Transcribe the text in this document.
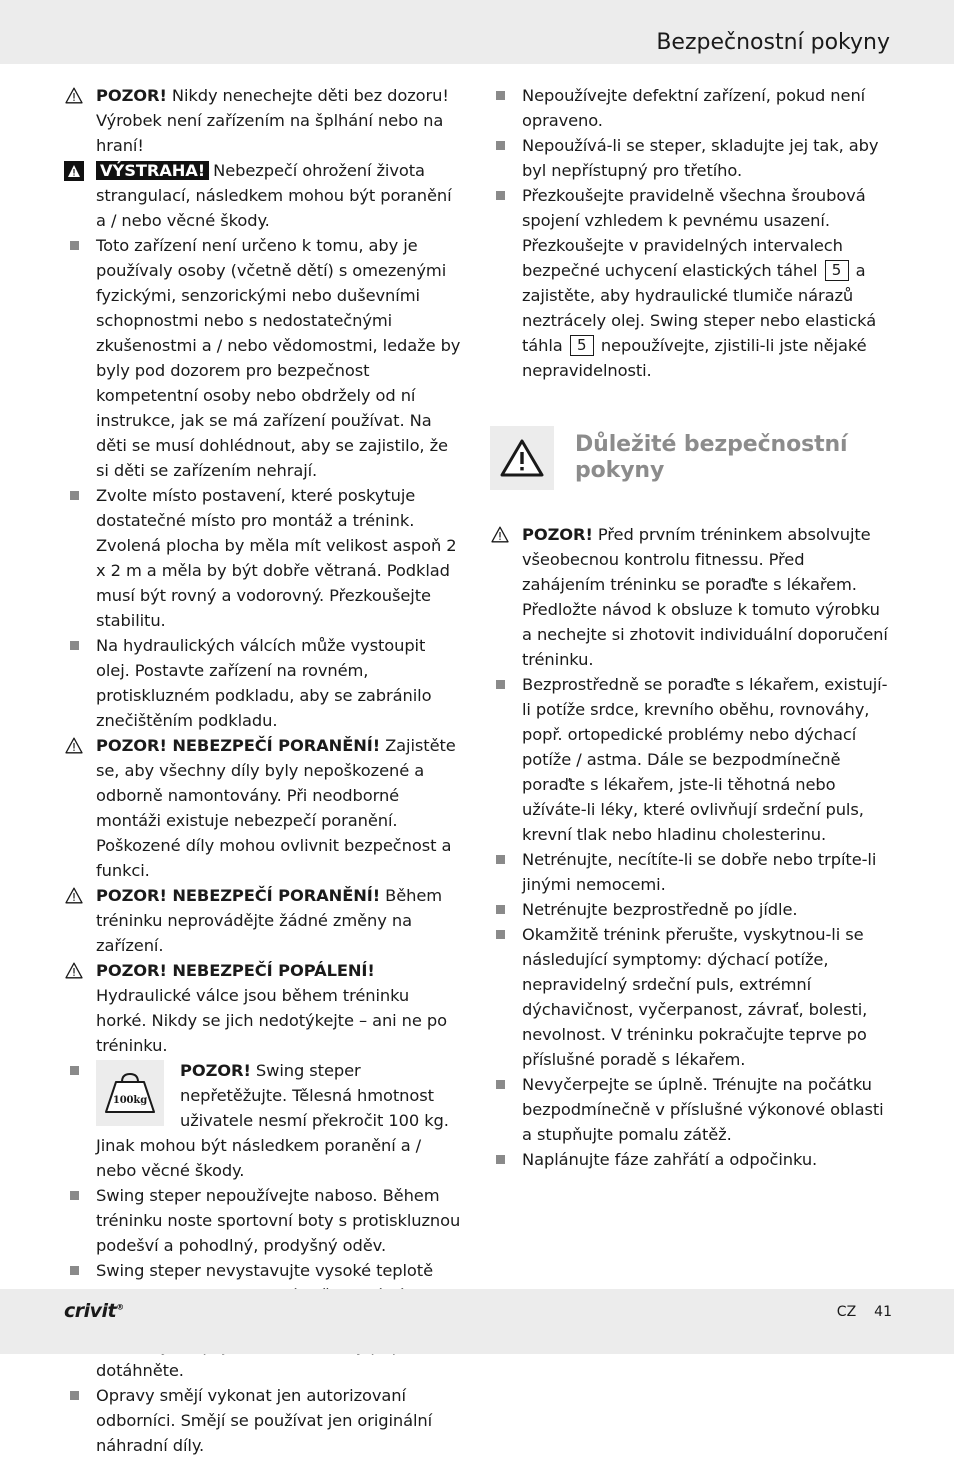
Bezpečnostní pokyny
POZOR! Nikdy nenechejte děti bez dozoru! Výrobek není zařízením na šplhání nebo na hraní!
VÝSTRAHA! Nebezpečí ohrožení života strangulací, následkem mohou být poranění a / nebo věcné škody.
Toto zařízení není určeno k tomu, aby je používaly osoby (včetně dětí) s omezenými fyzickými, senzorickými nebo duševními schopnostmi nebo s nedostatečnými zkušenostmi a / nebo vědomostmi, ledaže by byly pod dozorem pro bezpečnost kompetentní osoby nebo obdržely od ní instrukce, jak se má zařízení používat. Na děti se musí dohlédnout, aby se zajistilo, že si děti se zařízením nehrají.
Zvolte místo postavení, které poskytuje dostatečné místo pro montáž a trénink. Zvolená plocha by měla mít velikost aspoň 2 x 2 m a měla by být dobře větraná. Podklad musí být rovný a vodorovný. Přezkoušejte stabilitu.
Na hydraulických válcích může vystoupit olej. Postavte zařízení na rovném, protiskluzném podkladu, aby se zabránilo znečištěním podkladu.
POZOR! NEBEZPEČÍ PORANĚNÍ! Zajistěte se, aby všechny díly byly nepoškozené a odborně namontovány. Při neodborné montáži existuje nebezpečí poranění. Poškozené díly mohou ovlivnit bezpečnost a funkci.
POZOR! NEBEZPEČÍ PORANĚNÍ! Během tréninku neprovádějte žádné změny na zařízení.
POZOR! NEBEZPEČÍ POPÁLENÍ! Hydraulické válce jsou během tréninku horké. Nikdy se jich nedotýkejte – ani ne po tréninku.
100kg
POZOR! Swing steper nepřetěžujte. Tělesná hmotnost uživatele nesmí překročit 100 kg. Jinak mohou být následkem poranění a / nebo věcné škody.
Swing steper nepoužívejte naboso. Během tréninku noste sportovní boty s protiskluznou podešví a pohodlný, prodyšný oděv.
Swing steper nevystavujte vysoké teplotě
dotáhněte.
Opravy smějí vykonat jen autorizovaní odborníci. Smějí se používat jen originální náhradní díly.
Nepoužívejte defektní zařízení, pokud není opraveno.
Nepoužívá-li se steper, skladujte jej tak, aby byl nepřístupný pro třetího.
Přezkoušejte pravidelně všechna šroubová spojení vzhledem k pevnému usazení. Přezkoušejte v pravidelných intervalech bezpečné uchycení elastických táhel 5 a zajistěte, aby hydraulické tlumiče nárazů neztrácely olej. Swing steper nebo elastická táhla 5 nepoužívejte, zjistili-li jste nějaké nepravidelnosti.
Důležité bezpečnostní pokyny
POZOR! Před prvním tréninkem absolvujte všeobecnou kontrolu fitnessu. Před zahájením tréninku se poraďte s lékařem. Předložte návod k obsluze k tomuto výrobku a nechejte si zhotovit individuální doporučení tréninku.
Bezprostředně se poraďte s lékařem, existují-li potíže srdce, krevního oběhu, rovnováhy, popř. ortopedické problémy nebo dýchací potíže / astma. Dále se bezpodmínečně poraďte s lékařem, jste-li těhotná nebo užíváte-li léky, které ovlivňují srdeční puls, krevní tlak nebo hladinu cholesterinu.
Netrénujte, necítíte-li se dobře nebo trpíte-li jinými nemocemi.
Netrénujte bezprostředně po jídle.
Okamžitě trénink přerušte, vyskytnou-li se následující symptomy: dýchací potíže, nepravidelný srdeční puls, extrémní dýchavičnost, vyčerpanost, závrať, bolesti, nevolnost. V tréninku pokračujte teprve po příslušné poradě s lékařem.
Nevyčerpejte se úplně. Trénujte na počátku bezpodmínečně v příslušné výkonové oblasti a stupňujte pomalu zátěž.
Naplánujte fáze zahřátí a odpočinku.
crivit®	CZ 41
